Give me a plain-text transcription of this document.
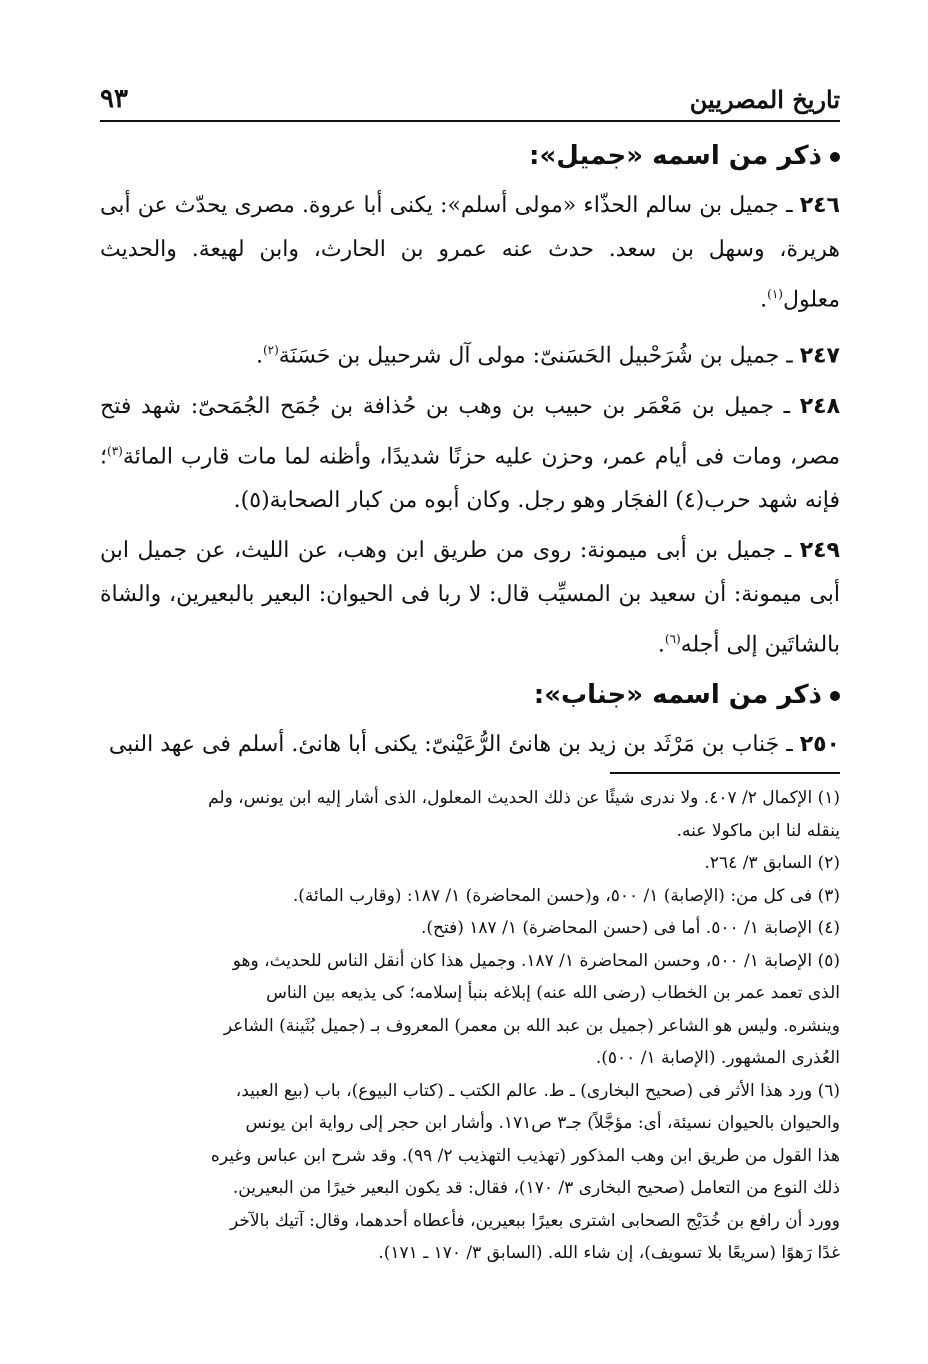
تاريخ المصريين
٩٣
ذكر من اسمه «جميل»:
٢٤٦ ـ جميل بن سالم الحذّاء «مولى أسلم»: يكنى أبا عروة. مصرى يحدّث عن أبى هريرة، وسهل بن سعد. حدث عنه عمرو بن الحارث، وابن لهيعة. والحديث معلول$^{(١)}$.
٢٤٧ ـ جميل بن شُرَحْبيل الحَسَنىّ: مولى آل شرحبيل بن حَسَنَة$^{(٢)}$.
٢٤٨ ـ جميل بن مَعْمَر بن حبيب بن وهب بن حُذافة بن جُمَح الجُمَحىّ: شهد فتح مصر، ومات فى أيام عمر، وحزن عليه حزنًا شديدًا، وأظنه لما مات قارب المائة$^{(٣)}$؛ فإنه شهد حرب(٤) الفجَار وهو رجل. وكان أبوه من كبار الصحابة(٥).
٢٤٩ ـ جميل بن أبى ميمونة: روى من طريق ابن وهب، عن الليث، عن جميل ابن أبى ميمونة: أن سعيد بن المسيِّب قال: لا ربا فى الحيوان: البعير بالبعيرين، والشاة بالشاتَين إلى أجله$^{(٦)}$.
ذكر من اسمه «جناب»:
٢٥٠ ـ جَناب بن مَرْثَد بن زيد بن هانئ الرُّعَيْنىّ: يكنى أبا هانئ. أسلم فى عهد النبى
(١) الإكمال ٢/ ٤٠٧. ولا ندرى شيئًا عن ذلك الحديث المعلول، الذى أشار إليه ابن يونس، ولم
ينقله لنا ابن ماكولا عنه.
(٢) السابق ٣/ ٢٦٤.
(٣) فى كل من: (الإصابة) ١/ ٥٠٠، و(حسن المحاضرة) ١/ ١٨٧: (وقارب المائة).
(٤) الإصابة ١/ ٥٠٠. أما فى (حسن المحاضرة) ١/ ١٨٧ (فتح).
(٥) الإصابة ١/ ٥٠٠، وحسن المحاضرة ١/ ١٨٧. وجميل هذا كان أنقل الناس للحديث، وهو
الذى تعمد عمر بن الخطاب (رضى الله عنه) إبلاغه بنبأ إسلامه؛ كى يذيعه بين الناس
وينشره. وليس هو الشاعر (جميل بن عبد الله بن معمر) المعروف بـ (جميل بُثَينة) الشاعر
العُذرى المشهور. (الإصابة ١/ ٥٠٠).
(٦) ورد هذا الأثر فى (صحيح البخارى) ـ ط. عالم الكتب ـ (كتاب البيوع)، باب (بيع العبيد،
والحيوان بالحيوان نسيئة، أى: مؤجَّلاً) جـ٣ ص١٧١. وأشار ابن حجر إلى رواية ابن يونس
هذا القول من طريق ابن وهب المذكور (تهذيب التهذيب ٢/ ٩٩). وقد شرح ابن عباس وغيره
ذلك النوع من التعامل (صحيح البخارى ٣/ ١٧٠)، فقال: قد يكون البعير خيرًا من البعيرين.
وورد أن رافع بن خُدَيْج الصحابى اشترى بعيرًا ببعيرين، فأعطاه أحدهما، وقال: آتيك بالآخر
غدًا رَهوًا (سريعًا بلا تسويف)، إن شاء الله. (السابق ٣/ ١٧٠ ـ ١٧١).
